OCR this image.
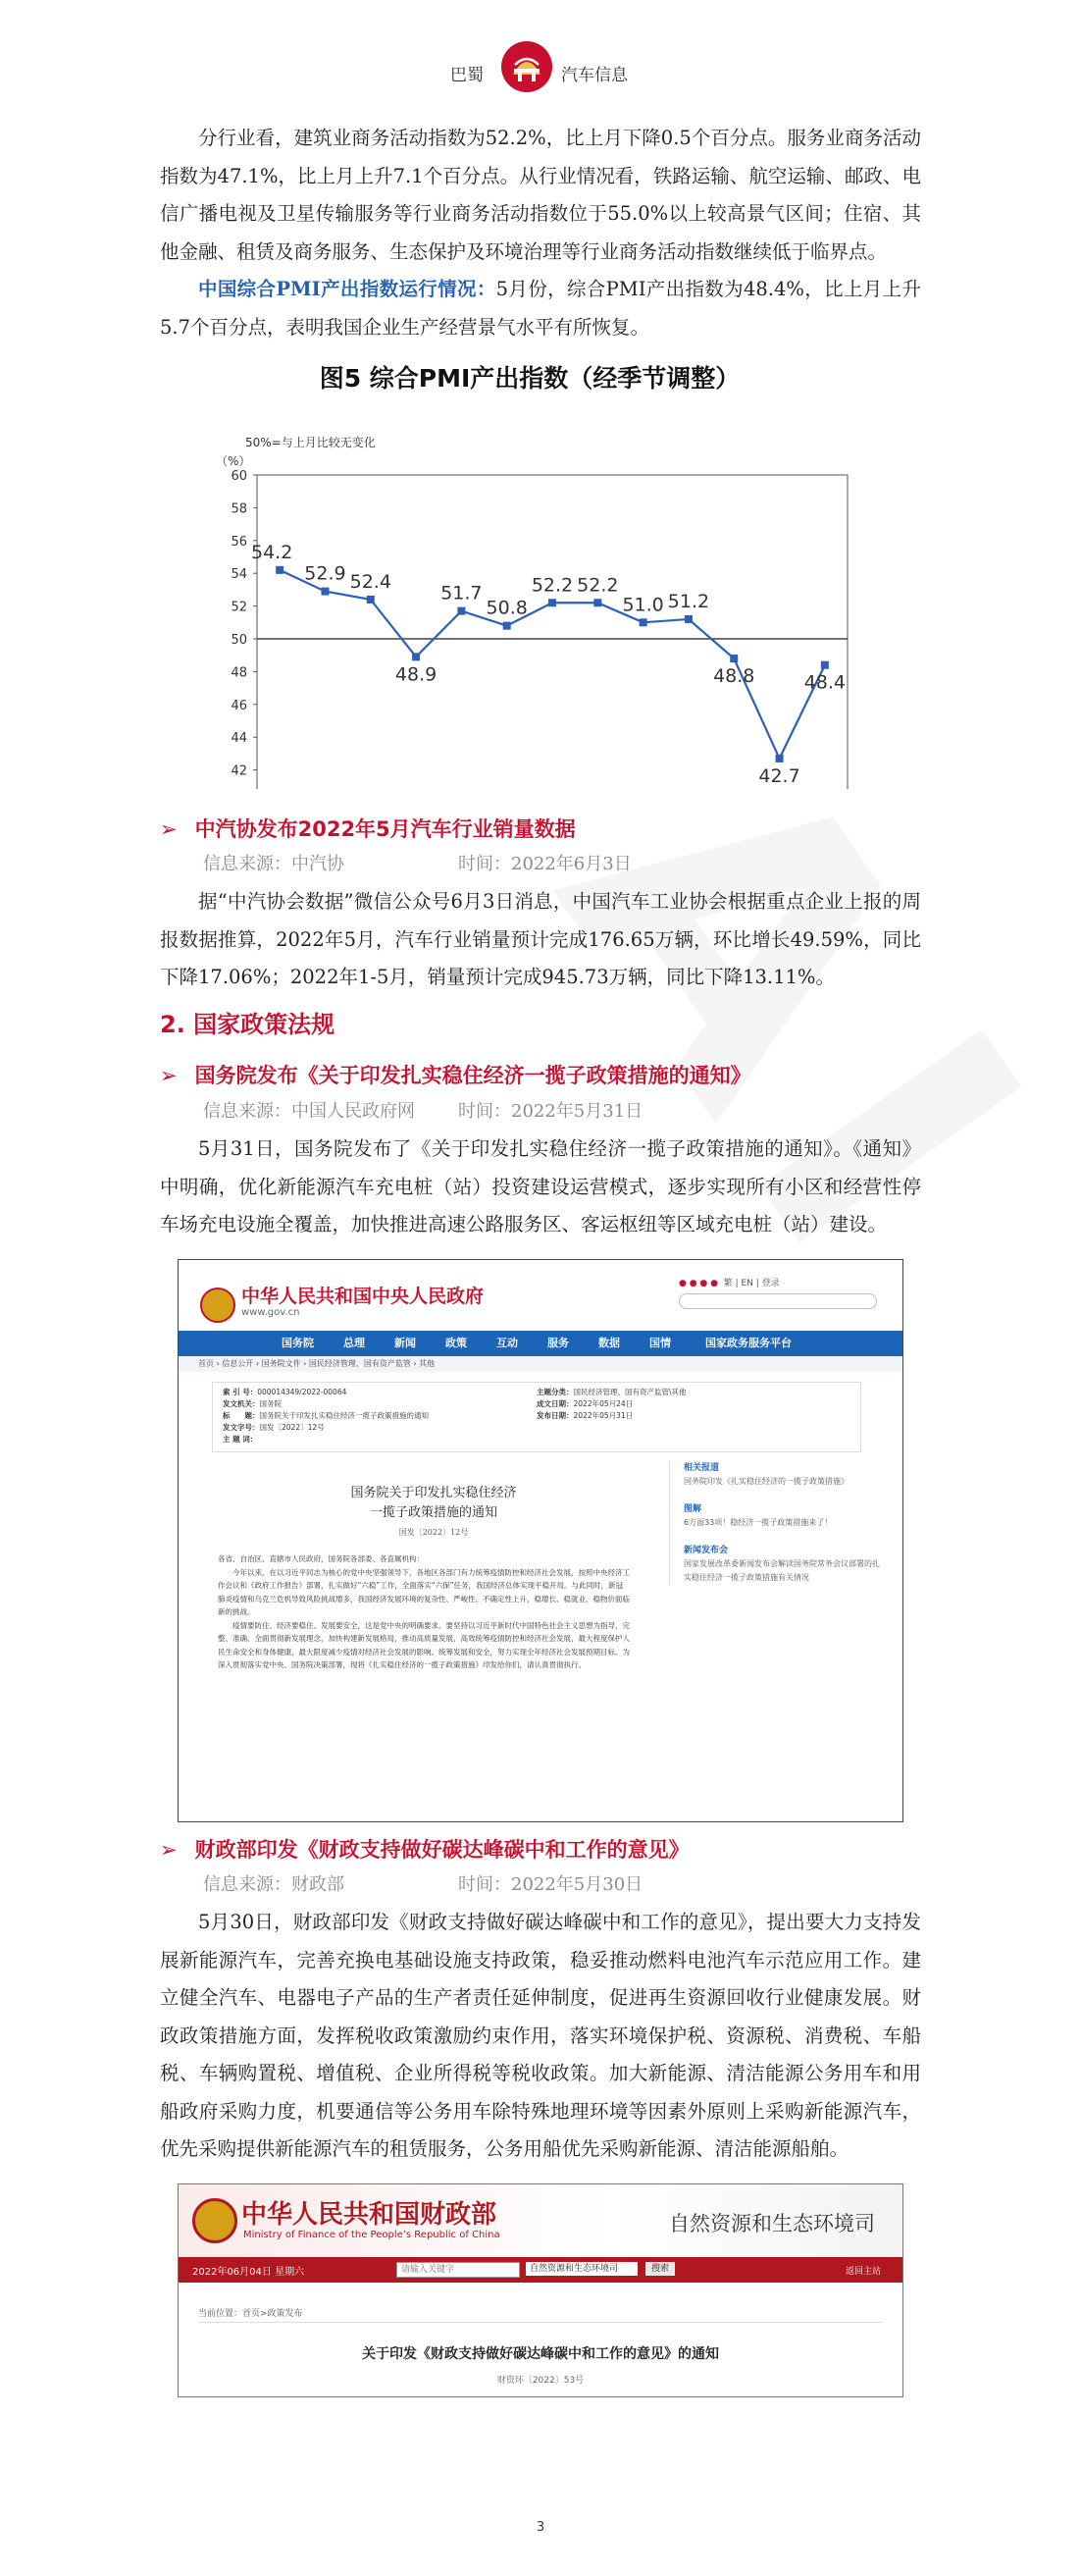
巴蜀	汽车信息
分行业看，建筑业商务活动指数为52.2%，比上月下降0.5个百分点。服务业商务活动指数为47.1%，比上月上升7.1个百分点。从行业情况看，铁路运输、航空运输、邮政、电信广播电视及卫星传输服务等行业商务活动指数位于55.0%以上较高景气区间；住宿、其他金融、租赁及商务服务、生态保护及环境治理等行业商务活动指数继续低于临界点。
中国综合PMI产出指数运行情况：5月份，综合PMI产出指数为48.4%，比上月上升5.7个百分点，表明我国企业生产经营景气水平有所恢复。
图5 综合PMI产出指数（经季节调整）
（%）
50%=与上月比较无变化
42
44
46
48
50
52
54
56
58
60
54.2
52.9 52.4
48.9
51.7
50.8
52.2 52.2
51.0 51.2
48.8
42.7
48.4
➢ 中汽协发布2022年5月汽车行业销量数据
信息来源：中汽协	时间：2022年6月3日
据“中汽协会数据”微信公众号6月3日消息，中国汽车工业协会根据重点企业上报的周报数据推算，2022年5月，汽车行业销量预计完成176.65万辆，环比增长49.59%，同比下降17.06%；2022年1-5月，销量预计完成945.73万辆，同比下降13.11%。
2. 国家政策法规
➢ 国务院发布《关于印发扎实稳住经济一揽子政策措施的通知》
信息来源：中国人民政府网 时间：2022年5月31日
5月31日，国务院发布了《关于印发扎实稳住经济一揽子政策措施的通知》。《通知》中明确，优化新能源汽车充电桩（站）投资建设运营模式，逐步实现所有小区和经营性停车场充电设施全覆盖，加快推进高速公路服务区、客运枢纽等区域充电桩（站）建设。
中华人民共和国中央人民政府
www.gov.cn
● ● ● ● 繁 | EN | 登录
国务院	总理	新闻	政策	互动	服务	数据	国情	国家政务服务平台
首页 › 信息公开 › 国务院文件 › 国民经济管理、国有资产监管 › 其他
索 引 号：000014349/2022-00064
发文机关：国务院
标　　题：国务院关于印发扎实稳住经济一揽子政策措施的通知
发文字号：国发〔2022〕12号
主 题 词：
主题分类：国民经济管理、国有资产监管\其他
成文日期：2022年05月24日
发布日期：2022年05月31日
国务院关于印发扎实稳住经济
一揽子政策措施的通知
国发〔2022〕12号
各省、自治区、直辖市人民政府，国务院各部委、各直属机构：
今年以来，在以习近平同志为核心的党中央坚强领导下，各地区各部门有力统筹疫情防控和经济社会发展，按照中央经济工作会议和《政府工作报告》部署，扎实做好“六稳”工作，全面落实“六保”任务，我国经济总体实现平稳开局。与此同时，新冠肺炎疫情和乌克兰危机导致风险挑战增多，我国经济发展环境的复杂性、严峻性、不确定性上升，稳增长、稳就业、稳物价面临新的挑战。
疫情要防住、经济要稳住、发展要安全，这是党中央的明确要求。要坚持以习近平新时代中国特色社会主义思想为指导，完整、准确、全面贯彻新发展理念，加快构建新发展格局，推动高质量发展，高效统筹疫情防控和经济社会发展，最大程度保护人民生命安全和身体健康，最大限度减少疫情对经济社会发展的影响。统筹发展和安全，努力实现全年经济社会发展预期目标。为深入贯彻落实党中央、国务院决策部署，现将《扎实稳住经济的一揽子政策措施》印发给你们，请认真贯彻执行。
相关报道
国务院印发《扎实稳住经济的一揽子政策措施》
图解
6方面33项！稳经济一揽子政策措施来了！
新闻发布会
国家发展改革委新闻发布会解读国务院常务会议部署的扎实稳住经济一揽子政策措施有关情况
➢ 财政部印发《财政支持做好碳达峰碳中和工作的意见》
信息来源：财政部	时间：2022年5月30日
5月30日，财政部印发《财政支持做好碳达峰碳中和工作的意见》，提出要大力支持发展新能源汽车，完善充换电基础设施支持政策，稳妥推动燃料电池汽车示范应用工作。建立健全汽车、电器电子产品的生产者责任延伸制度，促进再生资源回收行业健康发展。财政政策措施方面，发挥税收政策激励约束作用，落实环境保护税、资源税、消费税、车船税、车辆购置税、增值税、企业所得税等税收政策。加大新能源、清洁能源公务用车和用船政府采购力度，机要通信等公务用车除特殊地理环境等因素外原则上采购新能源汽车，优先采购提供新能源汽车的租赁服务，公务用船优先采购新能源、清洁能源船舶。
中华人民共和国财政部
Ministry of Finance of the People’s Republic of China	自然资源和生态环境司
2022年06月04日 星期六
请输入关键字	自然资源和生态环境司	搜索	返回主站
当前位置：首页>政策发布
关于印发《财政支持做好碳达峰碳中和工作的意见》的通知
财资环〔2022〕53号
3
